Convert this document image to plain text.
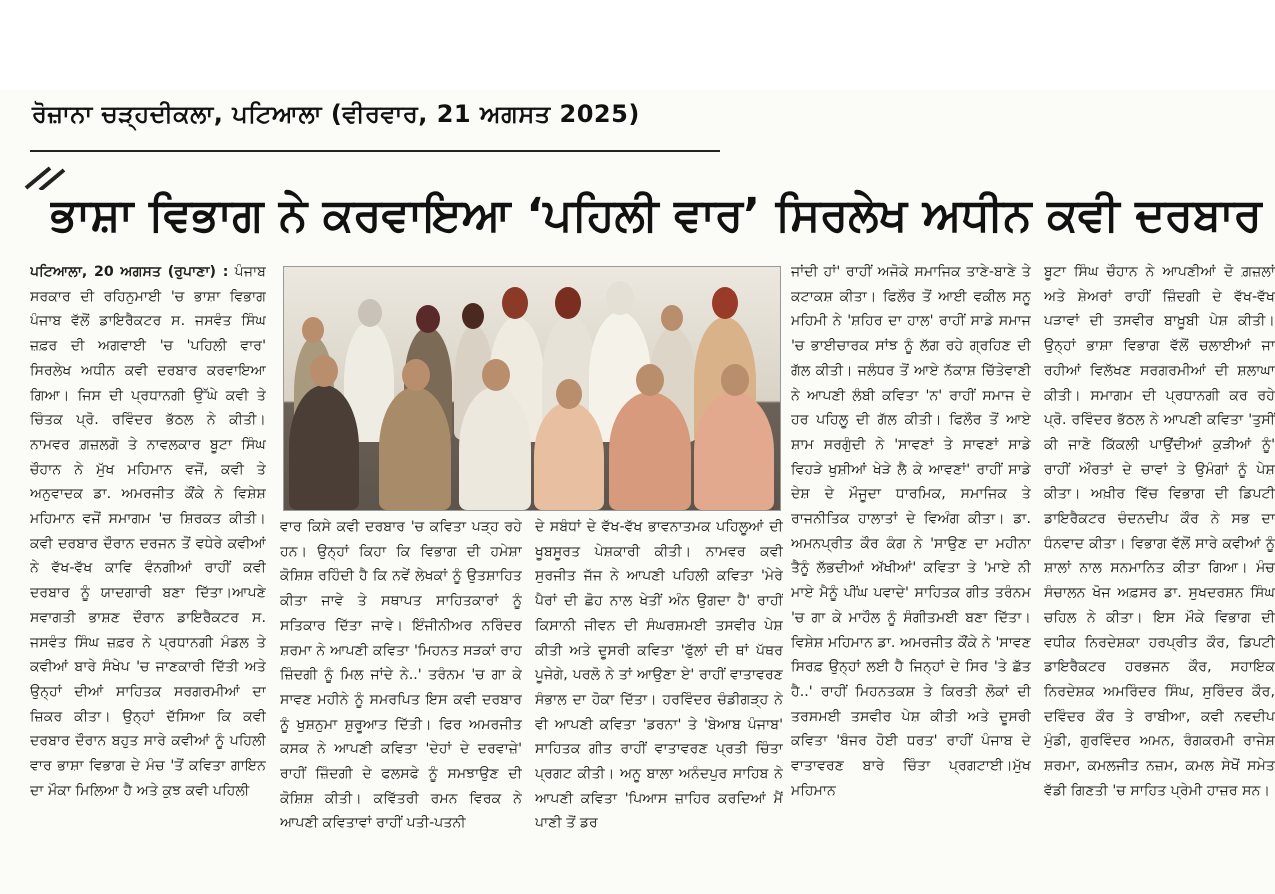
ਰੋਜ਼ਾਨਾ ਚੜ੍ਹਦੀਕਲਾ, ਪਟਿਆਲਾ (ਵੀਰਵਾਰ, 21 ਅਗਸਤ 2025)
ਭਾਸ਼ਾ ਵਿਭਾਗ ਨੇ ਕਰਵਾਇਆ ‘ਪਹਿਲੀ ਵਾਰ’ ਸਿਰਲੇਖ ਅਧੀਨ ਕਵੀ ਦਰਬਾਰ

ਪਟਿਆਲਾ, 20 ਅਗਸਤ (ਰੁਪਾਣਾ) : ਪੰਜਾਬ ਸਰਕਾਰ ਦੀ ਰਹਿਨੁਮਾਈ 'ਚ ਭਾਸ਼ਾ ਵਿਭਾਗ ਪੰਜਾਬ ਵੱਲੋਂ ਡਾਇਰੈਕਟਰ ਸ. ਜਸਵੰਤ ਸਿੰਘ ਜ਼ਫ਼ਰ ਦੀ ਅਗਵਾਈ 'ਚ 'ਪਹਿਲੀ ਵਾਰ' ਸਿਰਲੇਖ ਅਧੀਨ ਕਵੀ ਦਰਬਾਰ ਕਰਵਾਇਆ ਗਿਆ। ਜਿਸ ਦੀ ਪ੍ਰਧਾਨਗੀ ਉੱਘੇ ਕਵੀ ਤੇ ਚਿੰਤਕ ਪ੍ਰੋ. ਰਵਿੰਦਰ ਭੱਠਲ ਨੇ ਕੀਤੀ। ਨਾਮਵਰ ਗ਼ਜ਼ਲਗੋ ਤੇ ਨਾਵਲਕਾਰ ਬੂਟਾ ਸਿੰਘ ਚੌਹਾਨ ਨੇ ਮੁੱਖ ਮਹਿਮਾਨ ਵਜੋਂ, ਕਵੀ ਤੇ ਅਨੁਵਾਦਕ ਡਾ. ਅਮਰਜੀਤ ਕੌਂਕੇ ਨੇ ਵਿਸ਼ੇਸ਼ ਮਹਿਮਾਨ ਵਜੋਂ ਸਮਾਗਮ 'ਚ ਸ਼ਿਰਕਤ ਕੀਤੀ। ਕਵੀ ਦਰਬਾਰ ਦੌਰਾਨ ਦਰਜਨ ਤੋਂ ਵਧੇਰੇ ਕਵੀਆਂ ਨੇ ਵੱਖ-ਵੱਖ ਕਾਵਿ ਵੰਨਗੀਆਂ ਰਾਹੀਂ ਕਵੀ ਦਰਬਾਰ ਨੂੰ ਯਾਦਗਾਰੀ ਬਣਾ ਦਿੱਤਾ।ਆਪਣੇ ਸਵਾਗਤੀ ਭਾਸ਼ਣ ਦੌਰਾਨ ਡਾਇਰੈਕਟਰ ਸ. ਜਸਵੰਤ ਸਿੰਘ ਜ਼ਫ਼ਰ ਨੇ ਪ੍ਰਧਾਨਗੀ ਮੰਡਲ ਤੇ ਕਵੀਆਂ ਬਾਰੇ ਸੰਖੇਪ 'ਚ ਜਾਣਕਾਰੀ ਦਿੱਤੀ ਅਤੇ ਉਨ੍ਹਾਂ ਦੀਆਂ ਸਾਹਿਤਕ ਸਰਗਰਮੀਆਂ ਦਾ ਜ਼ਿਕਰ ਕੀਤਾ। ਉਨ੍ਹਾਂ ਦੱਸਿਆ ਕਿ ਕਵੀ ਦਰਬਾਰ ਦੌਰਾਨ ਬਹੁਤ ਸਾਰੇ ਕਵੀਆਂ ਨੂੰ ਪਹਿਲੀ ਵਾਰ ਭਾਸ਼ਾ ਵਿਭਾਗ ਦੇ ਮੰਚ 'ਤੋਂ ਕਵਿਤਾ ਗਾਇਨ ਦਾ ਮੌਕਾ ਮਿਲਿਆ ਹੈ ਅਤੇ ਕੁਝ ਕਵੀ ਪਹਿਲੀ

ਵਾਰ ਕਿਸੇ ਕਵੀ ਦਰਬਾਰ 'ਚ ਕਵਿਤਾ ਪੜ੍ਹ ਰਹੇ ਹਨ। ਉਨ੍ਹਾਂ ਕਿਹਾ ਕਿ ਵਿਭਾਗ ਦੀ ਹਮੇਸ਼ਾ ਕੋਸ਼ਿਸ਼ ਰਹਿੰਦੀ ਹੈ ਕਿ ਨਵੇਂ ਲੇਖਕਾਂ ਨੂੰ ਉਤਸ਼ਾਹਿਤ ਕੀਤਾ ਜਾਵੇ ਤੇ ਸਥਾਪਤ ਸਾਹਿਤਕਾਰਾਂ ਨੂੰ ਸਤਿਕਾਰ ਦਿੱਤਾ ਜਾਵੇ। ਇੰਜੀਨੀਅਰ ਨਰਿੰਦਰ ਸ਼ਰਮਾ ਨੇ ਆਪਣੀ ਕਵਿਤਾ 'ਮਿਹਨਤ ਸੜਕਾਂ ਰਾਹ ਜ਼ਿੰਦਗੀ ਨੂੰ ਮਿਲ ਜਾਂਦੇ ਨੇ..' ਤਰੰਨਮ 'ਚ ਗਾ ਕੇ ਸਾਵਣ ਮਹੀਨੇ ਨੂੰ ਸਮਰਪਿਤ ਇਸ ਕਵੀ ਦਰਬਾਰ ਨੂੰ ਖੁਸ਼ਨੁਮਾ ਸ਼ੁਰੂਆਤ ਦਿੱਤੀ। ਫਿਰ ਅਮਰਜੀਤ ਕਸਕ ਨੇ ਆਪਣੀ ਕਵਿਤਾ 'ਦੇਹਾਂ ਦੇ ਦਰਵਾਜ਼ੇ' ਰਾਹੀਂ ਜ਼ਿੰਦਗੀ ਦੇ ਫਲਸਫੇ ਨੂੰ ਸਮਝਾਉਣ ਦੀ ਕੋਸ਼ਿਸ਼ ਕੀਤੀ। ਕਵਿੱਤਰੀ ਰਮਨ ਵਿਰਕ ਨੇ ਆਪਣੀ ਕਵਿਤਾਵਾਂ ਰਾਹੀਂ ਪਤੀ-ਪਤਨੀ

ਦੇ ਸਬੰਧਾਂ ਦੇ ਵੱਖ-ਵੱਖ ਭਾਵਨਾਤਮਕ ਪਹਿਲੂਆਂ ਦੀ ਖੂਬਸੂਰਤ ਪੇਸ਼ਕਾਰੀ ਕੀਤੀ। ਨਾਮਵਰ ਕਵੀ ਸੁਰਜੀਤ ਜੱਜ ਨੇ ਆਪਣੀ ਪਹਿਲੀ ਕਵਿਤਾ 'ਮੇਰੇ ਪੈਰਾਂ ਦੀ ਛੋਹ ਨਾਲ ਖੇਤੀਂ ਅੰਨ ਉਗਦਾ ਹੈ' ਰਾਹੀਂ ਕਿਸਾਨੀ ਜੀਵਨ ਦੀ ਸੰਘਰਸ਼ਮਈ ਤਸਵੀਰ ਪੇਸ਼ ਕੀਤੀ ਅਤੇ ਦੂਸਰੀ ਕਵਿਤਾ 'ਫੁੱਲਾਂ ਦੀ ਥਾਂ ਪੱਥਰ ਪੂਜੇਗੇ, ਪਰਲੋ ਨੇ ਤਾਂ ਆਉਣਾ ਏ' ਰਾਹੀਂ ਵਾਤਾਵਰਣ ਸੰਭਾਲ ਦਾ ਹੋਕਾ ਦਿੱਤਾ। ਹਰਵਿੰਦਰ ਚੰਡੀਗੜ੍ਹ ਨੇ ਵੀ ਆਪਣੀ ਕਵਿਤਾ 'ਡਰਨਾ' ਤੇ 'ਬੇਆਬ ਪੰਜਾਬ' ਸਾਹਿਤਕ ਗੀਤ ਰਾਹੀਂ ਵਾਤਾਵਰਣ ਪ੍ਰਤੀ ਚਿੰਤਾ ਪ੍ਰਗਟ ਕੀਤੀ। ਅਨੂ ਬਾਲਾ ਅਨੰਦਪੁਰ ਸਾਹਿਬ ਨੇ ਆਪਣੀ ਕਵਿਤਾ 'ਪਿਆਸ ਜ਼ਾਹਿਰ ਕਰਦਿਆਂ ਮੈਂ ਪਾਣੀ ਤੋਂ ਡਰ

ਜਾਂਦੀ ਹਾਂ' ਰਾਹੀਂ ਅਜੋਕੇ ਸਮਾਜਿਕ ਤਾਣੇ-ਬਾਣੇ ਤੇ ਕਟਾਕਸ਼ ਕੀਤਾ। ਫਿਲੌਰ ਤੋਂ ਆਈ ਵਕੀਲ ਸਨੂ ਮਹਿਮੀ ਨੇ 'ਸ਼ਹਿਰ ਦਾ ਹਾਲ' ਰਾਹੀਂ ਸਾਡੇ ਸਮਾਜ 'ਚ ਭਾਈਚਾਰਕ ਸਾਂਝ ਨੂੰ ਲੱਗ ਰਹੇ ਗ੍ਰਹਿਣ ਦੀ ਗੱਲ ਕੀਤੀ। ਜਲੰਧਰ ਤੋਂ ਆਏ ਨੱਕਾਸ਼ ਚਿੱਤੇਵਾਣੀ ਨੇ ਆਪਣੀ ਲੰਬੀ ਕਵਿਤਾ 'ਨ' ਰਾਹੀਂ ਸਮਾਜ ਦੇ ਹਰ ਪਹਿਲੂ ਦੀ ਗੱਲ ਕੀਤੀ। ਫਿਲੌਰ ਤੋਂ ਆਏ ਸ਼ਾਮ ਸਰਗੁੰਦੀ ਨੇ 'ਸਾਵਣਾਂ ਤੇ ਸਾਵਣਾਂ ਸਾਡੇ ਵਿਹੜੇ ਖੁਸ਼ੀਆਂ ਖੇੜੇ ਲੈ ਕੇ ਆਵਣਾਂ' ਰਾਹੀਂ ਸਾਡੇ ਦੇਸ਼ ਦੇ ਮੌਜੂਦਾ ਧਾਰਮਿਕ, ਸਮਾਜਿਕ ਤੇ ਰਾਜਨੀਤਿਕ ਹਾਲਾਤਾਂ ਦੇ ਵਿਅੰਗ ਕੀਤਾ। ਡਾ. ਅਮਨਪ੍ਰੀਤ ਕੌਰ ਕੰਗ ਨੇ 'ਸਾਉਣ ਦਾ ਮਹੀਨਾ ਤੈਨੂੰ ਲੱਭਦੀਆਂ ਅੱਖੀਆਂ' ਕਵਿਤਾ ਤੇ 'ਮਾਏ ਨੀ ਮਾਏ ਮੈਨੂੰ ਪੀਂਘ ਪਵਾਦੇ' ਸਾਹਿਤਕ ਗੀਤ ਤਰੰਨਮ 'ਚ ਗਾ ਕੇ ਮਾਹੌਲ ਨੂੰ ਸੰਗੀਤਮਈ ਬਣਾ ਦਿੱਤਾ। ਵਿਸ਼ੇਸ਼ ਮਹਿਮਾਨ ਡਾ. ਅਮਰਜੀਤ ਕੌਂਕੇ ਨੇ 'ਸਾਵਣ ਸਿਰਫ਼ ਉਨ੍ਹਾਂ ਲਈ ਹੈ ਜਿਨ੍ਹਾਂ ਦੇ ਸਿਰ 'ਤੇ ਛੱਤ ਹੈ..' ਰਾਹੀਂ ਮਿਹਨਤਕਸ਼ ਤੇ ਕਿਰਤੀ ਲੋਕਾਂ ਦੀ ਤਰਸਮਈ ਤਸਵੀਰ ਪੇਸ਼ ਕੀਤੀ ਅਤੇ ਦੂਸਰੀ ਕਵਿਤਾ 'ਬੰਜਰ ਹੋਈ ਧਰਤ' ਰਾਹੀਂ ਪੰਜਾਬ ਦੇ ਵਾਤਾਵਰਣ ਬਾਰੇ ਚਿੰਤਾ ਪ੍ਰਗਟਾਈ।ਮੁੱਖ ਮਹਿਮਾਨ

ਬੂਟਾ ਸਿੰਘ ਚੌਹਾਨ ਨੇ ਆਪਣੀਆਂ ਦੋ ਗ਼ਜ਼ਲਾਂ ਅਤੇ ਸ਼ੇਅਰਾਂ ਰਾਹੀਂ ਜ਼ਿੰਦਗੀ ਦੇ ਵੱਖ-ਵੱਖ ਪੜਾਵਾਂ ਦੀ ਤਸਵੀਰ ਬਾਖ਼ੂਬੀ ਪੇਸ਼ ਕੀਤੀ। ਉਨ੍ਹਾਂ ਭਾਸ਼ਾ ਵਿਭਾਗ ਵੱਲੋਂ ਚਲਾਈਆਂ ਜਾ ਰਹੀਆਂ ਵਿਲੱਖਣ ਸਰਗਰਮੀਆਂ ਦੀ ਸ਼ਲਾਘਾ ਕੀਤੀ। ਸਮਾਗਮ ਦੀ ਪ੍ਰਧਾਨਗੀ ਕਰ ਰਹੇ ਪ੍ਰੋ. ਰਵਿੰਦਰ ਭੱਠਲ ਨੇ ਆਪਣੀ ਕਵਿਤਾ 'ਤੁਸੀਂ ਕੀ ਜਾਣੋ ਕਿੱਕਲੀ ਪਾਉਂਦੀਆਂ ਕੁੜੀਆਂ ਨੂੰ' ਰਾਹੀਂ ਔਰਤਾਂ ਦੇ ਚਾਵਾਂ ਤੇ ਉਮੰਗਾਂ ਨੂੰ ਪੇਸ਼ ਕੀਤਾ। ਅਖ਼ੀਰ ਵਿੱਚ ਵਿਭਾਗ ਦੀ ਡਿਪਟੀ ਡਾਇਰੈਕਟਰ ਚੰਦਨਦੀਪ ਕੌਰ ਨੇ ਸਭ ਦਾ ਧੰਨਵਾਦ ਕੀਤਾ। ਵਿਭਾਗ ਵੱਲੋਂ ਸਾਰੇ ਕਵੀਆਂ ਨੂੰ ਸ਼ਾਲਾਂ ਨਾਲ ਸਨਮਾਨਿਤ ਕੀਤਾ ਗਿਆ। ਮੰਚ ਸੰਚਾਲਨ ਖੋਜ ਅਫ਼ਸਰ ਡਾ. ਸੁਖਦਰਸ਼ਨ ਸਿੰਘ ਚਹਿਲ ਨੇ ਕੀਤਾ। ਇਸ ਮੌਕੇ ਵਿਭਾਗ ਦੀ ਵਧੀਕ ਨਿਰਦੇਸ਼ਕਾ ਹਰਪ੍ਰੀਤ ਕੌਰ, ਡਿਪਟੀ ਡਾਇਰੈਕਟਰ ਹਰਭਜਨ ਕੌਰ, ਸਹਾਇਕ ਨਿਰਦੇਸ਼ਕ ਅਮਰਿੰਦਰ ਸਿੰਘ, ਸੁਰਿੰਦਰ ਕੌਰ, ਦਵਿੰਦਰ ਕੌਰ ਤੇ ਰਾਬੀਆ, ਕਵੀ ਨਵਦੀਪ ਮੁੰਡੀ, ਗੁਰਵਿੰਦਰ ਅਮਨ, ਰੰਗਕਰਮੀ ਰਾਜੇਸ਼ ਸ਼ਰਮਾ, ਕਮਲਜੀਤ ਨਜ਼ਮ, ਕਮਲ ਸੇਖੋਂ ਸਮੇਤ ਵੱਡੀ ਗਿਣਤੀ 'ਚ ਸਾਹਿਤ ਪ੍ਰੇਮੀ ਹਾਜ਼ਰ ਸਨ।
